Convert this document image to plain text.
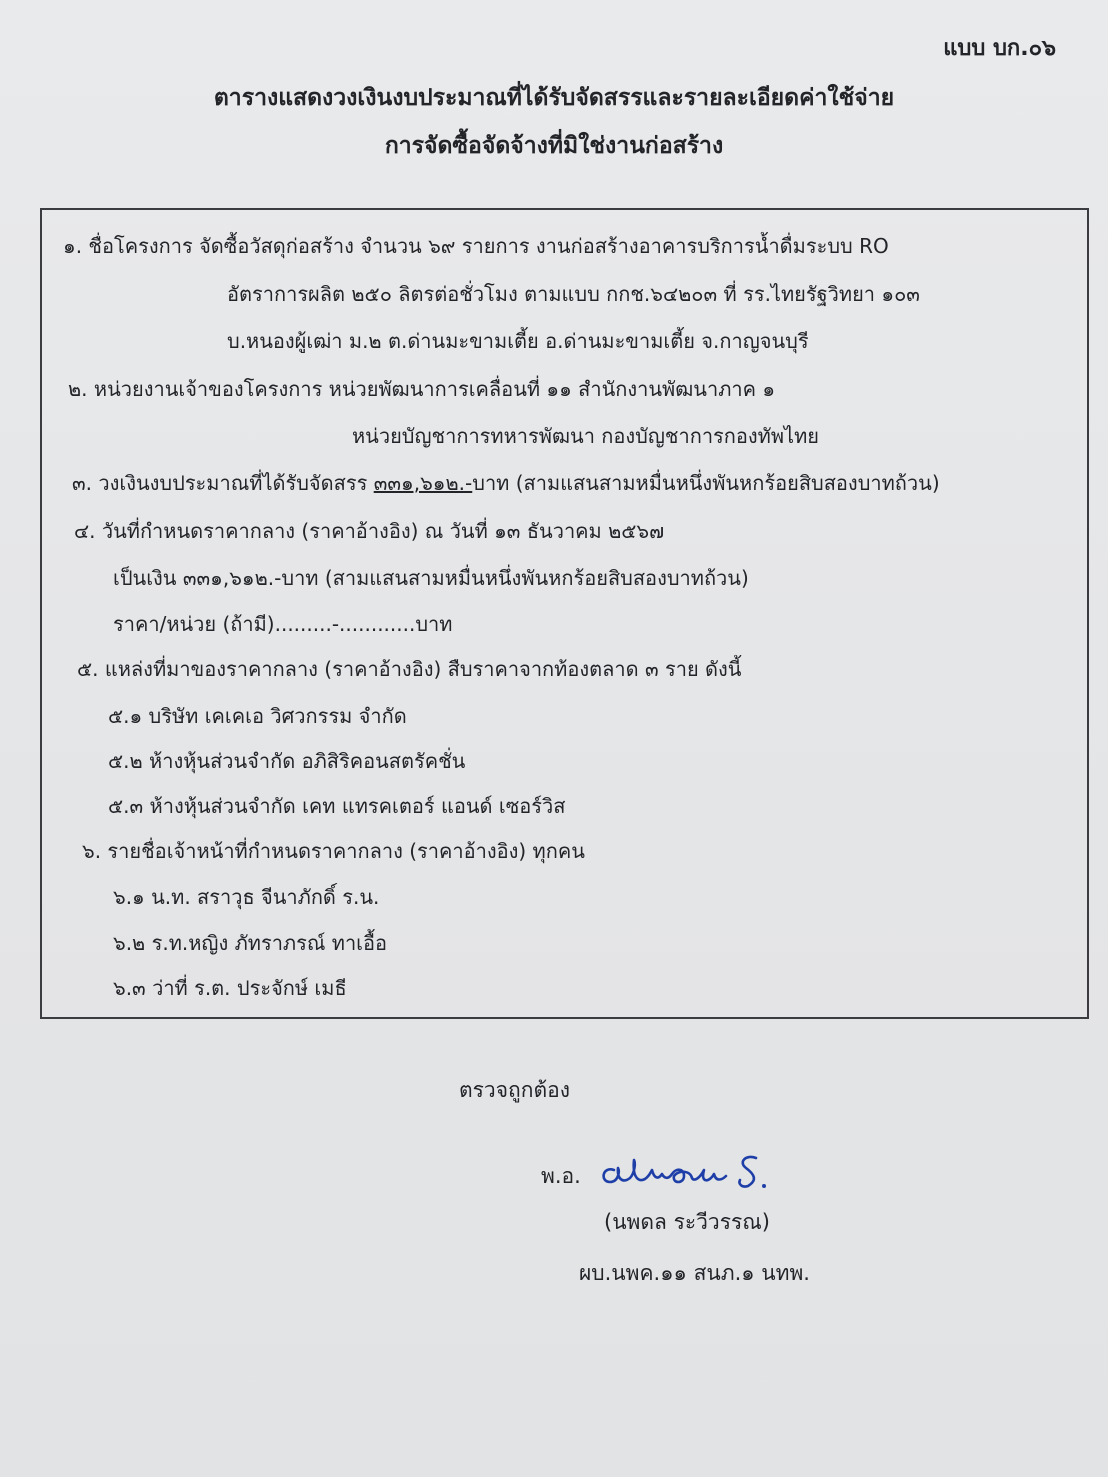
แบบ บก.๐๖
ตารางแสดงวงเงินงบประมาณที่ได้รับจัดสรรและรายละเอียดค่าใช้จ่าย
การจัดซื้อจัดจ้างที่มิใช่งานก่อสร้าง
๑. ชื่อโครงการ จัดซื้อวัสดุก่อสร้าง จำนวน ๖๙ รายการ งานก่อสร้างอาคารบริการน้ำดื่มระบบ RO
อัตราการผลิต ๒๕๐ ลิตรต่อชั่วโมง ตามแบบ กกช.๖๔๒๐๓ ที่ รร.ไทยรัฐวิทยา ๑๐๓
บ.หนองผู้เฒ่า ม.๒ ต.ด่านมะขามเตี้ย อ.ด่านมะขามเตี้ย จ.กาญจนบุรี
๒. หน่วยงานเจ้าของโครงการ หน่วยพัฒนาการเคลื่อนที่ ๑๑ สำนักงานพัฒนาภาค ๑
หน่วยบัญชาการทหารพัฒนา กองบัญชาการกองทัพไทย
๓. วงเงินงบประมาณที่ได้รับจัดสรร ๓๓๑,๖๑๒.-บาท (สามแสนสามหมื่นหนึ่งพันหกร้อยสิบสองบาทถ้วน)
๔. วันที่กำหนดราคากลาง (ราคาอ้างอิง) ณ วันที่ ๑๓ ธันวาคม ๒๕๖๗
เป็นเงิน ๓๓๑,๖๑๒.-บาท (สามแสนสามหมื่นหนึ่งพันหกร้อยสิบสองบาทถ้วน)
ราคา/หน่วย (ถ้ามี).........-............บาท
๕. แหล่งที่มาของราคากลาง (ราคาอ้างอิง) สืบราคาจากท้องตลาด ๓ ราย ดังนี้
๕.๑ บริษัท เคเคเอ วิศวกรรม จำกัด
๕.๒ ห้างหุ้นส่วนจำกัด อภิสิริคอนสตรัคชั่น
๕.๓ ห้างหุ้นส่วนจำกัด เคท แทรคเตอร์ แอนด์ เซอร์วิส
๖. รายชื่อเจ้าหน้าที่กำหนดราคากลาง (ราคาอ้างอิง) ทุกคน
๖.๑ น.ท. สราวุธ จีนาภักดิ์ ร.น.
๖.๒ ร.ท.หญิง ภัทราภรณ์ ทาเอื้อ
๖.๓ ว่าที่ ร.ต. ประจักษ์ เมธี
ตรวจถูกต้อง
พ.อ.
(นพดล ระวีวรรณ)
ผบ.นพค.๑๑ สนภ.๑ นทพ.
